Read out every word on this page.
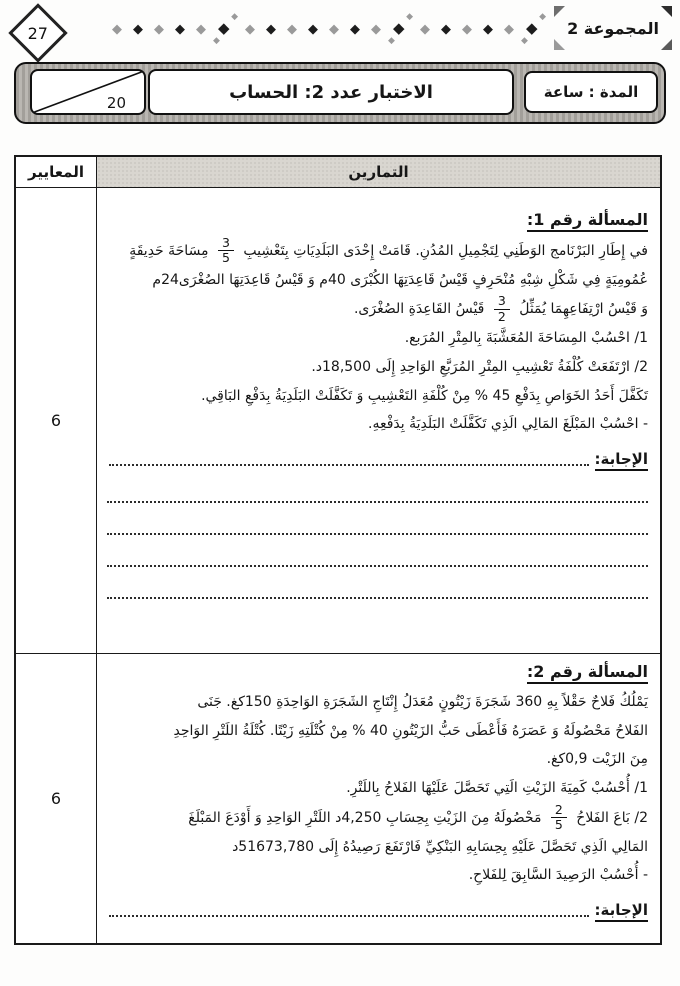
27	◆ ◆ ◆ ◆ ◆ ◆
◆
◆
◆ ◆ ◆ ◆ ◆ ◆ ◆ ◆
◆
◆
◆ ◆ ◆ ◆ ◆ ◆
◆
◆
المجموعة 2
المدة : ساعة
الاختبار عدد 2: الحساب
20
المعايير	التمارين
6
المسألة رقم 1:
في إِطَارِ البَرْنَامج الوَطَنِي لِتَجْمِيلِ المُدُنِ. قَامَتْ إِحْدَى البَلَدِيَاتِ بِتَعْشِيبِ
$\frac{3}{5}$
مِسَاحَةَ حَدِيقَةٍ
عُمُومِيَةٍ فِي شَكْلِ شِبْهِ مُنْحَرِفٍ قَيْسُ قَاعِدَتِهَا الكُبْرَى 40م وَ قَيْسُ قَاعِدَتِهَا الصُغْرَى24م
وَ قَيْسُ ارْتِفَاعِهِمَا يُمَثِّلُ
$\frac{3}{2}$
قَيْسُ القَاعِدَةِ الصُغْرَى.
1/ احْسُبْ المِسَاحَةَ المُعَشَّبَةَ بِالمِتْرِ المُرَبع.
2/ ارْتَفَعَتْ كُلْفَةُ تَعْشِيبِ المِتْرِ المُرَبَّعِ الوَاحِدِ إِلَى 18,500د.
تَكَفَّلَ أَحَدُ الخَوَاصِ بِدَفْعِ 45 % مِنْ كُلْفَةِ التَعْشِيبِ وَ تَكَفَّلَتْ البَلَدِيَةُ بِدَفْعِ البَاقِي.
- احْسُبْ المَبْلَغَ المَالِي الَذِي تَكَفَّلَتْ البَلَدِيَةُ بِدَفْعِهِ.
الإجابة:
6
المسألة رقم 2:
يَمْلُكُ فَلاحٌ حَقْلاً بِهِ 360 شَجَرَةَ زَيْتُونٍ مُعَدَلُ إِنْتَاجِ الشَجَرَةِ الوَاحِدَةِ 150كغ. جَنَى
الفَلاحُ مَحْصُولَهُ وَ عَصَرَهُ فَأَعْطَى حَبُّ الزَيْتُونِ 40 % مِنْ كُتْلَتِهِ زَيْتًا. كُتْلَةُ اللَتْرِ الوَاحِدِ
مِنَ الزَيْت 0,9كغ.
1/ أُحْسُبْ كَمِيَةَ الزَيْتِ الَتِي تَحَصَّلَ عَلَيْهَا الفَلاحُ بِاللَتْرِ.
2/ بَاعَ الفَلاحُ
$\frac{2}{5}$
مَحْصُولَهُ مِنَ الزَيْتِ بِحِسَابِ 4,250د اللَتْرِ الوَاحِدِ وَ أَوْدَعَ المَبْلَغَ
المَالِي الَذِي تَحَصَّلَ عَلَيْهِ بِحِسَابِهِ البَنْكِيِّ فَارْتَفَعَ رَصِيدُهُ إِلَى 51673,780د
- أُحْسُبْ الرَصِيدَ السَّابِقَ لِلفَلاحِ.
الإجابة:
